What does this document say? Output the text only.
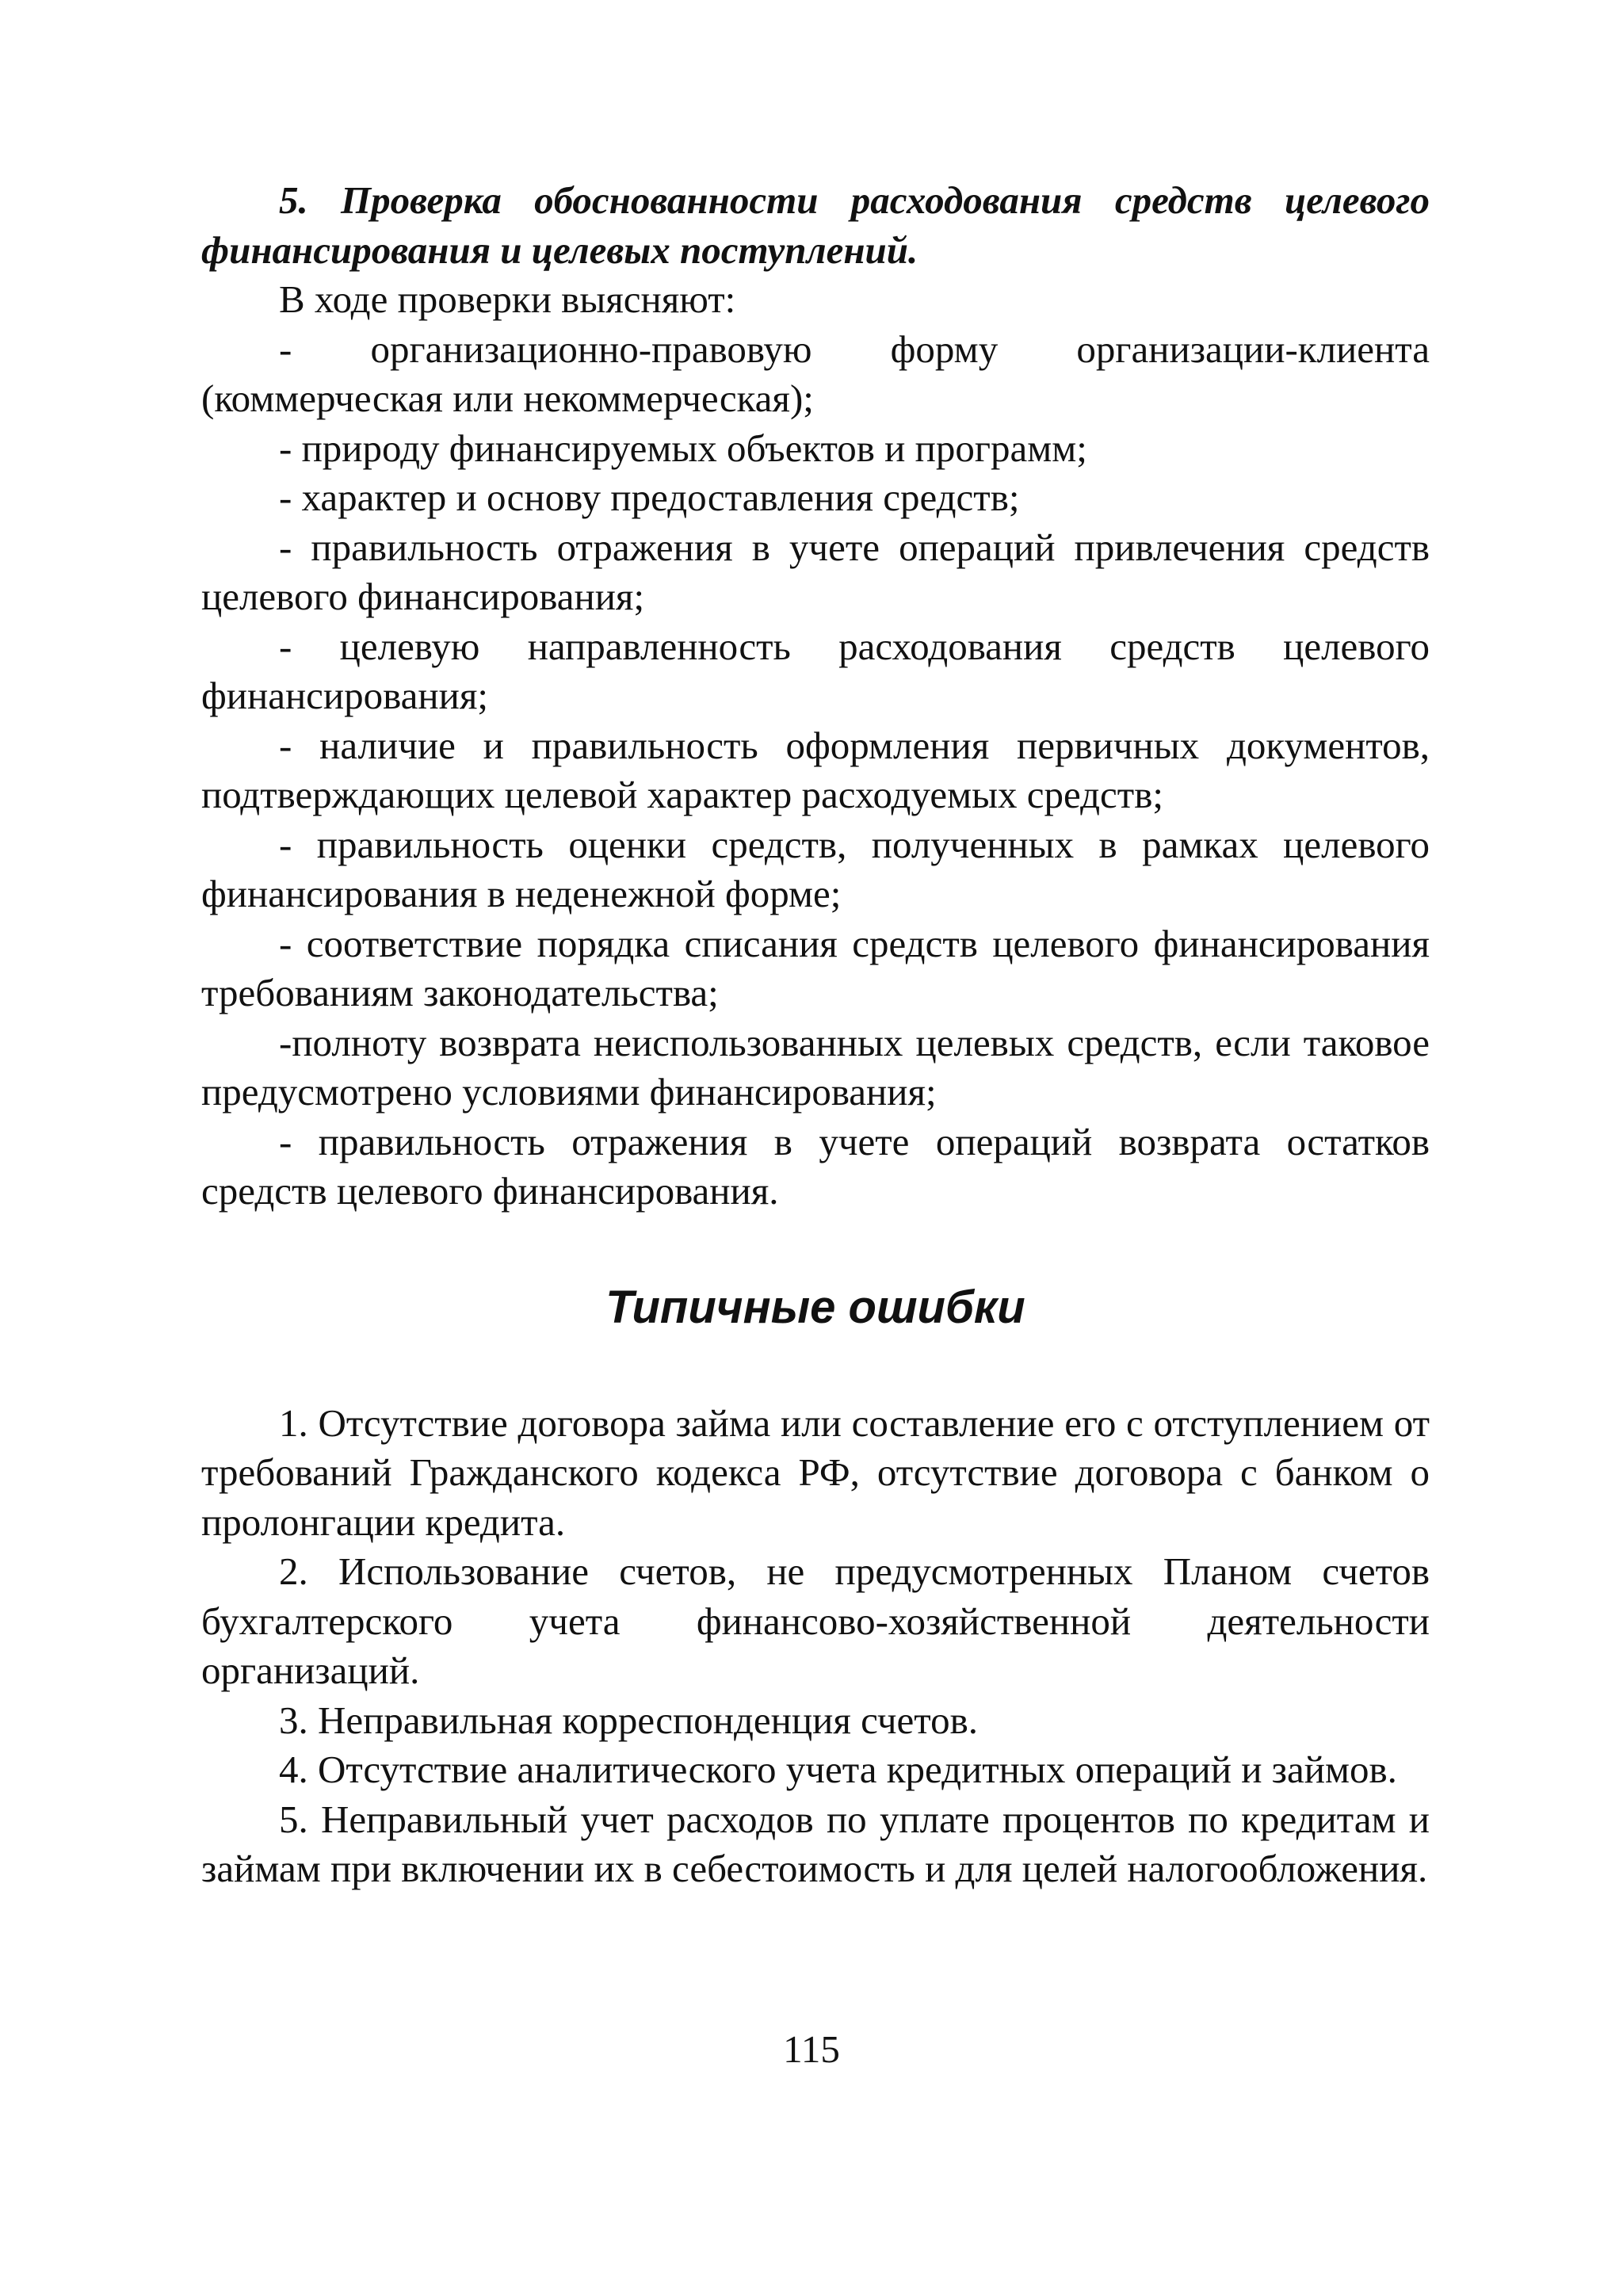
5. Проверка обоснованности расходования средств целевого финансирования и целевых поступлений.

В ходе проверки выясняют:

- организационно-правовую форму организации-клиента (коммерческая или некоммерческая);

- природу финансируемых объектов и программ;

- характер и основу предоставления средств;

- правильность отражения в учете операций привлечения средств целевого финансирования;

- целевую направленность расходования средств целевого финансирования;

- наличие и правильность оформления первичных документов, подтверждающих целевой характер расходуемых средств;

- правильность оценки средств, полученных в рамках целевого финансирования в неденежной форме;

- соответствие порядка списания средств целевого финансирования требованиям законодательства;

-полноту возврата неиспользованных целевых средств, если таковое предусмотрено условиями финансирования;

- правильность отражения в учете операций возврата остатков средств целевого финансирования.

Типичные ошибки

1. Отсутствие договора займа или составление его с отступлением от требований Гражданского кодекса РФ, отсутствие договора с банком о пролонгации кредита.

2. Использование счетов, не предусмотренных Планом счетов бухгалтерского учета финансово-хозяйственной деятельности организаций.

3. Неправильная корреспонденция счетов.

4. Отсутствие аналитического учета кредитных операций и займов.

5. Неправильный учет расходов по уплате процентов по кредитам и займам при включении их в себестоимость и для целей налогообложения.

115
